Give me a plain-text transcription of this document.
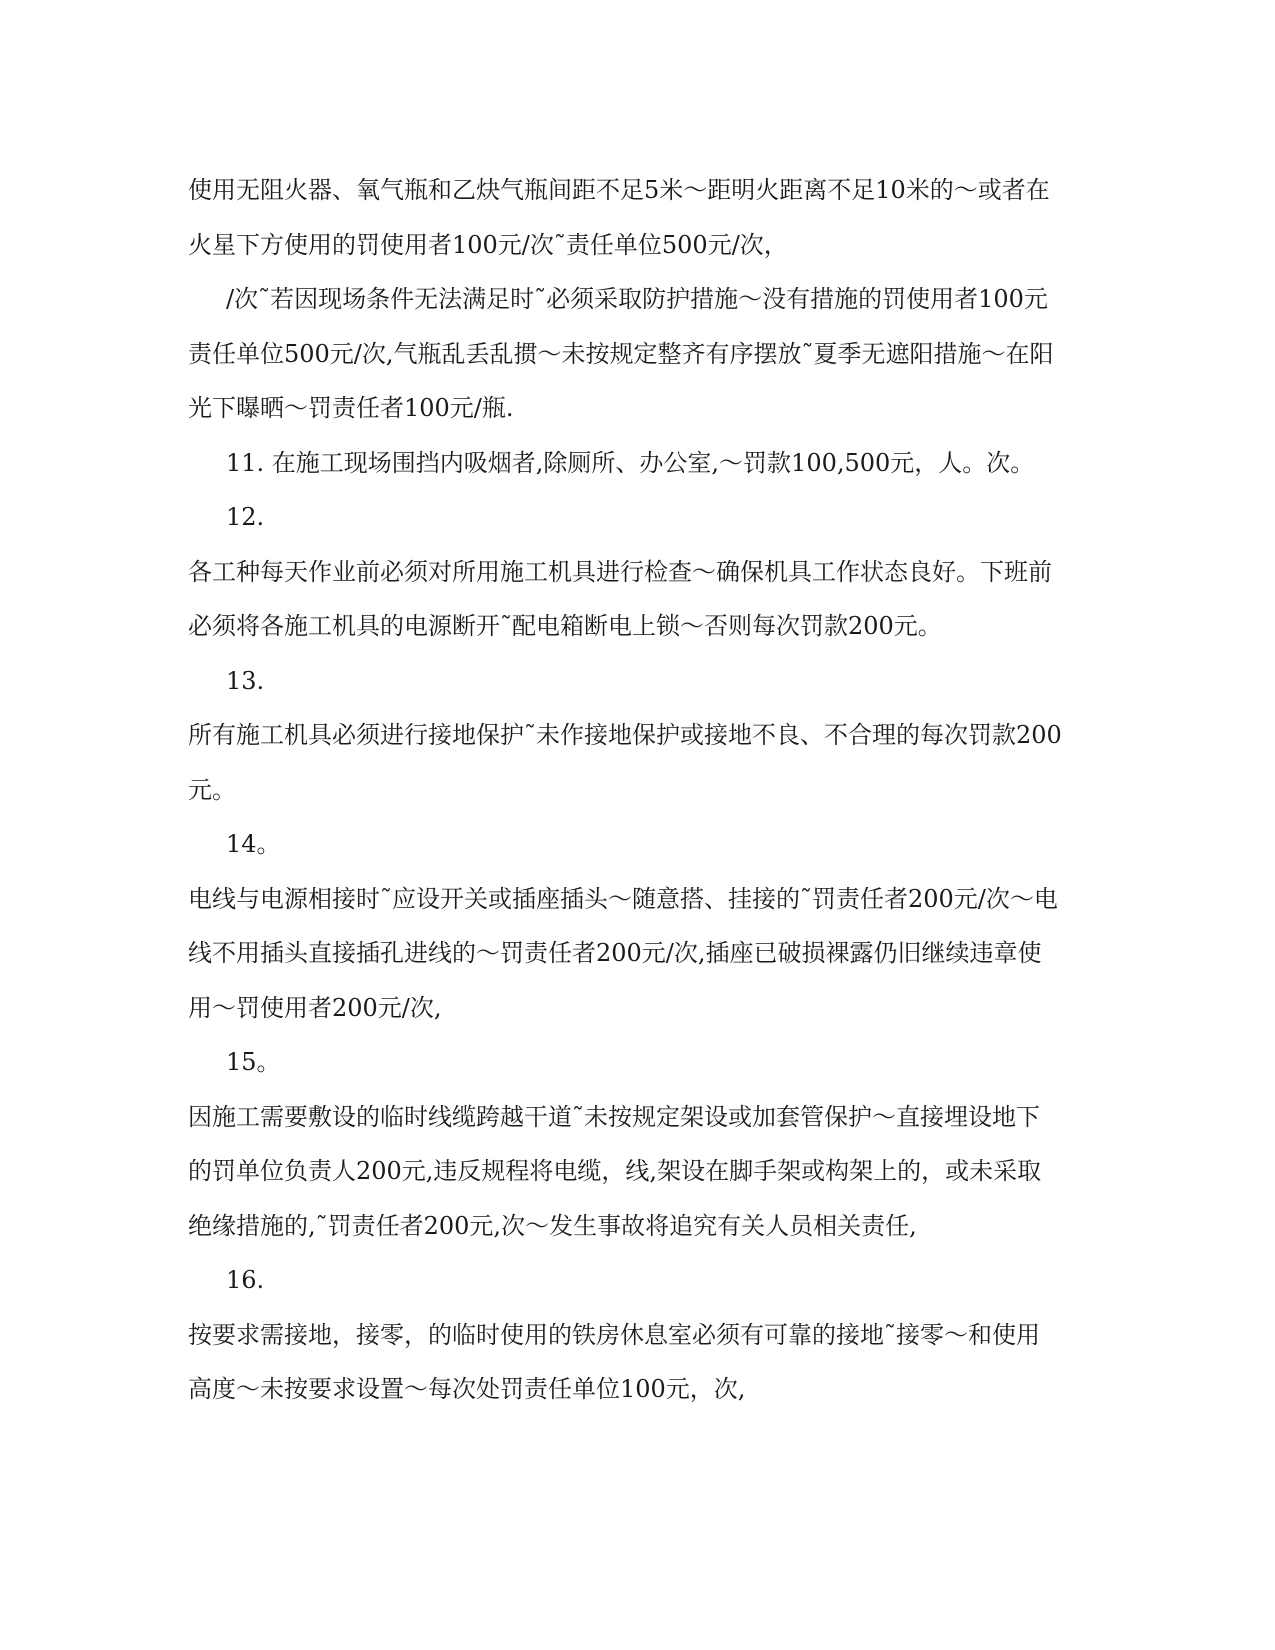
使用无阻火器、氧气瓶和乙炔气瓶间距不足5米～距明火距离不足10米的～或者在
火星下方使用的罚使用者100元/次˜责任单位500元/次，
/次˜若因现场条件无法满足时˜必须采取防护措施～没有措施的罚使用者100元
责任单位500元/次,气瓶乱丢乱掼～未按规定整齐有序摆放˜夏季无遮阳措施～在阳
光下曝晒～罚责任者100元/瓶.
11. 在施工现场围挡内吸烟者,除厕所、办公室,～罚款100,500元，人。次。
12.
各工种每天作业前必须对所用施工机具进行检查～确保机具工作状态良好。下班前
必须将各施工机具的电源断开˜配电箱断电上锁～否则每次罚款200元。
13.
所有施工机具必须进行接地保护˜未作接地保护或接地不良、不合理的每次罚款200
元。
14。
电线与电源相接时˜应设开关或插座插头～随意搭、挂接的˜罚责任者200元/次～电
线不用插头直接插孔进线的～罚责任者200元/次,插座已破损裸露仍旧继续违章使
用～罚使用者200元/次,
15。
因施工需要敷设的临时线缆跨越干道˜未按规定架设或加套管保护～直接埋设地下
的罚单位负责人200元,违反规程将电缆，线,架设在脚手架或构架上的，或未采取
绝缘措施的,˜罚责任者200元,次～发生事故将追究有关人员相关责任,
16.
按要求需接地，接零，的临时使用的铁房休息室必须有可靠的接地˜接零～和使用
高度～未按要求设置～每次处罚责任单位100元，次,
